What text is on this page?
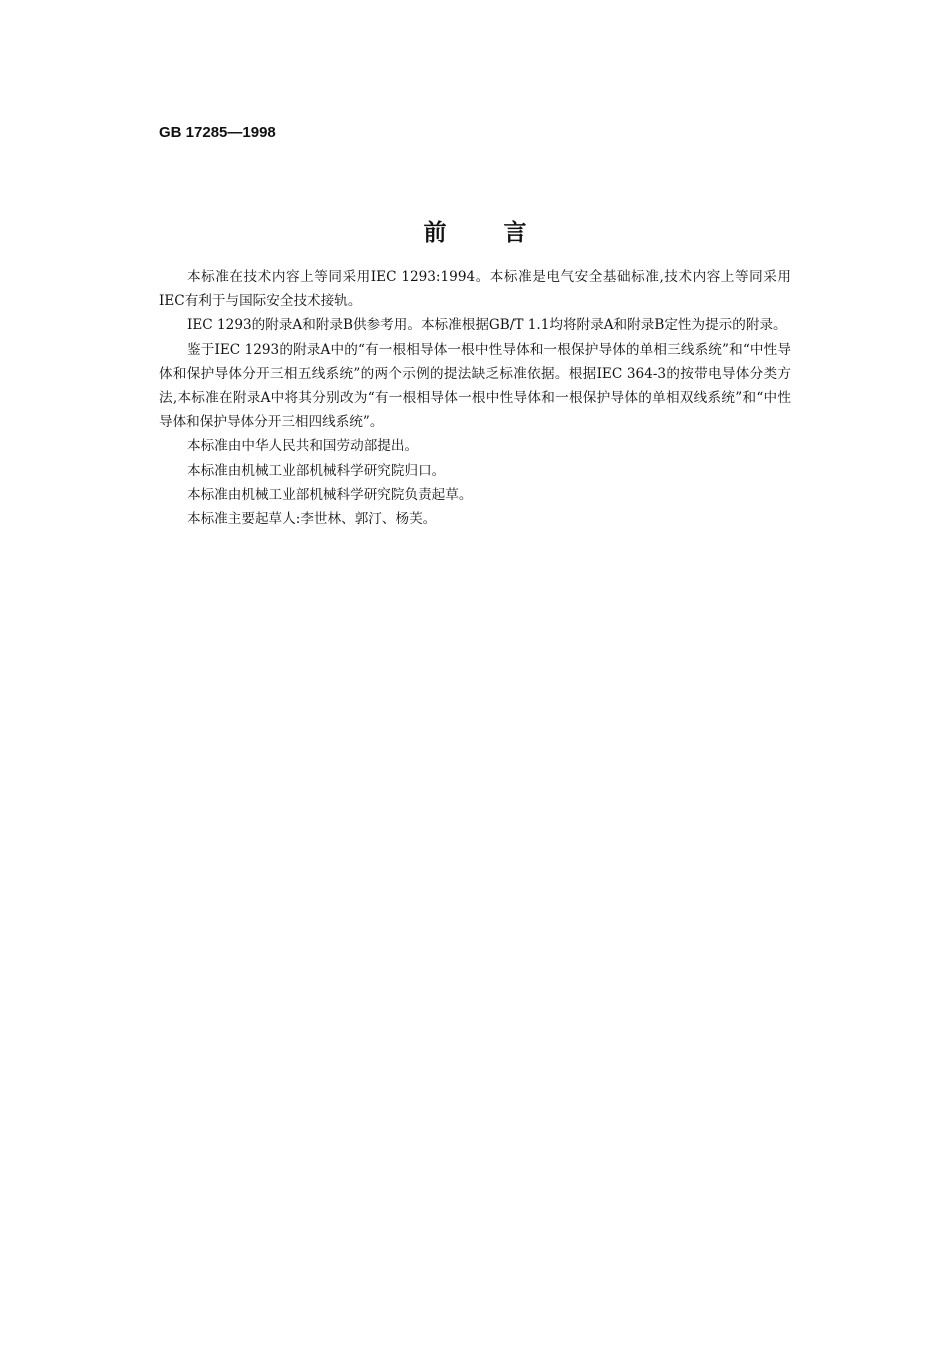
GB 17285—1998
前 言

本标准在技术内容上等同采用IEC 1293:1994。本标准是电气安全基础标准,技术内容上等同采用IEC有利于与国际安全技术接轨。

IEC 1293的附录A和附录B供参考用。本标准根据GB/T 1.1均将附录A和附录B定性为提示的附录。

鉴于IEC 1293的附录A中的“有一根相导体一根中性导体和一根保护导体的单相三线系统”和“中性导体和保护导体分开三相五线系统”的两个示例的提法缺乏标准依据。根据IEC 364-3的按带电导体分类方法,本标准在附录A中将其分别改为“有一根相导体一根中性导体和一根保护导体的单相双线系统”和“中性导体和保护导体分开三相四线系统”。

本标准由中华人民共和国劳动部提出。

本标准由机械工业部机械科学研究院归口。

本标准由机械工业部机械科学研究院负责起草。

本标准主要起草人:李世林、郭汀、杨芙。
